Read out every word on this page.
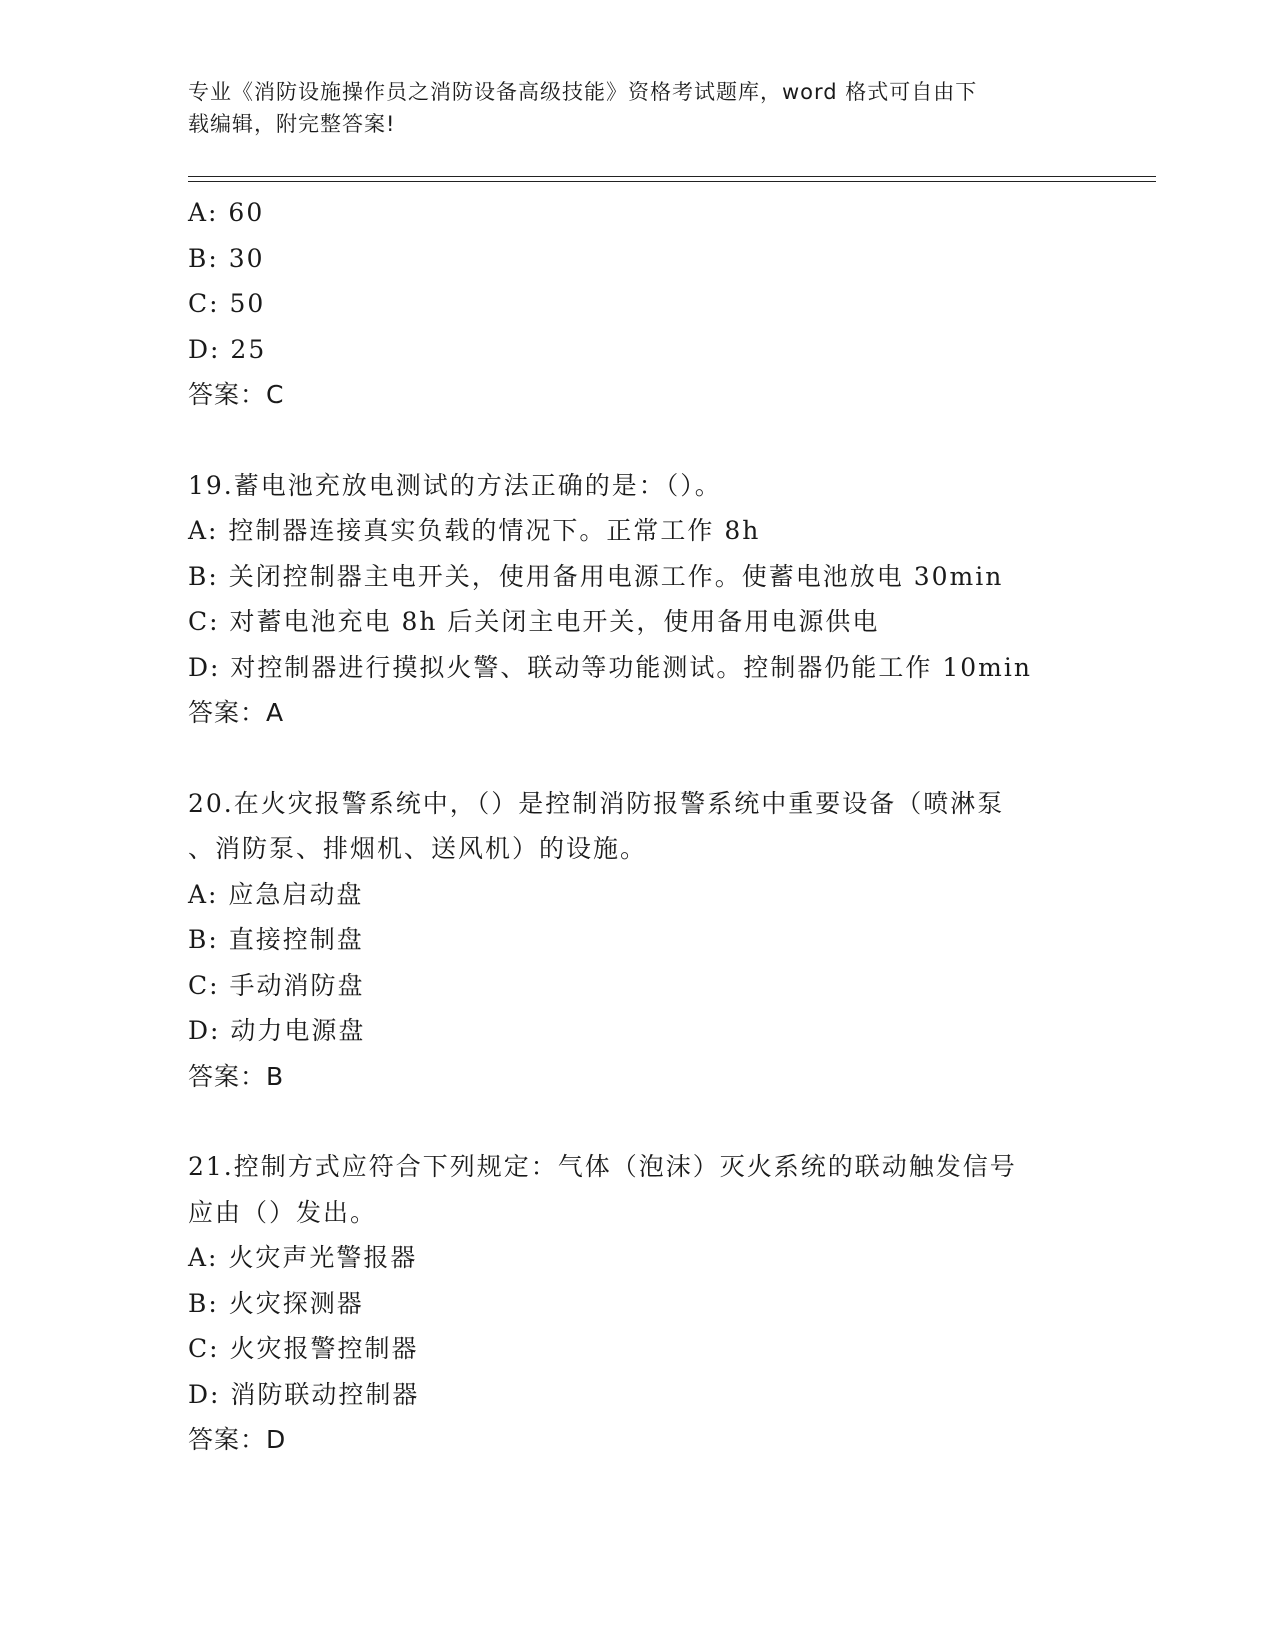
专业《消防设施操作员之消防设备高级技能》资格考试题库，word 格式可自由下
载编辑，附完整答案!
A: 60
B: 30
C: 50
D: 25
答案：C
19.蓄电池充放电测试的方法正确的是：（）。
A: 控制器连接真实负载的情况下。正常工作 8h
B: 关闭控制器主电开关，使用备用电源工作。使蓄电池放电 30min
C: 对蓄电池充电 8h 后关闭主电开关，使用备用电源供电
D: 对控制器进行摸拟火警、联动等功能测试。控制器仍能工作 10min
答案：A
20.在火灾报警系统中，（）是控制消防报警系统中重要设备（喷淋泵
、消防泵、排烟机、送风机）的设施。
A: 应急启动盘
B: 直接控制盘
C: 手动消防盘
D: 动力电源盘
答案：B
21.控制方式应符合下列规定：气体（泡沫）灭火系统的联动触发信号
应由（）发出。
A: 火灾声光警报器
B: 火灾探测器
C: 火灾报警控制器
D: 消防联动控制器
答案：D
